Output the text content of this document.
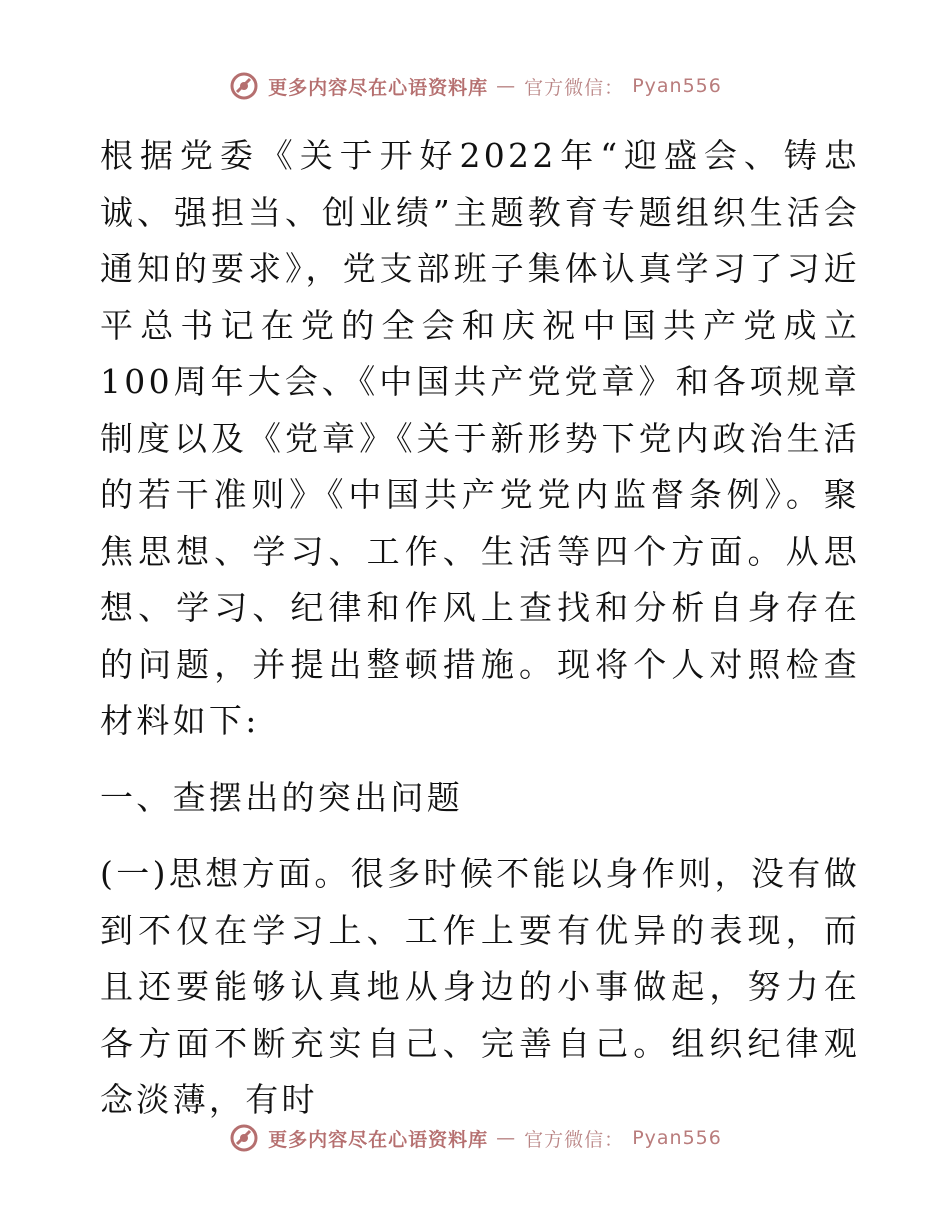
更多内容尽在心语资料库 — 官方微信： Pyan556

根据党委《关于开好2022年“迎盛会、铸忠诚、强担当、创业绩”主题教育专题组织生活会通知的要求》，党支部班子集体认真学习了习近平总书记在党的全会和庆祝中国共产党成立100周年大会、《中国共产党党章》和各项规章制度以及《党章》《关于新形势下党内政治生活的若干准则》《中国共产党党内监督条例》。聚焦思想、学习、工作、生活等四个方面。从思想、学习、纪律和作风上查找和分析自身存在的问题，并提出整顿措施。现将个人对照检查材料如下:

一、查摆出的突出问题

(一)思想方面。很多时候不能以身作则，没有做到不仅在学习上、工作上要有优异的表现，而且还要能够认真地从身边的小事做起，努力在各方面不断充实自己、完善自己。组织纪律观念淡薄，有时

更多内容尽在心语资料库 — 官方微信： Pyan556
